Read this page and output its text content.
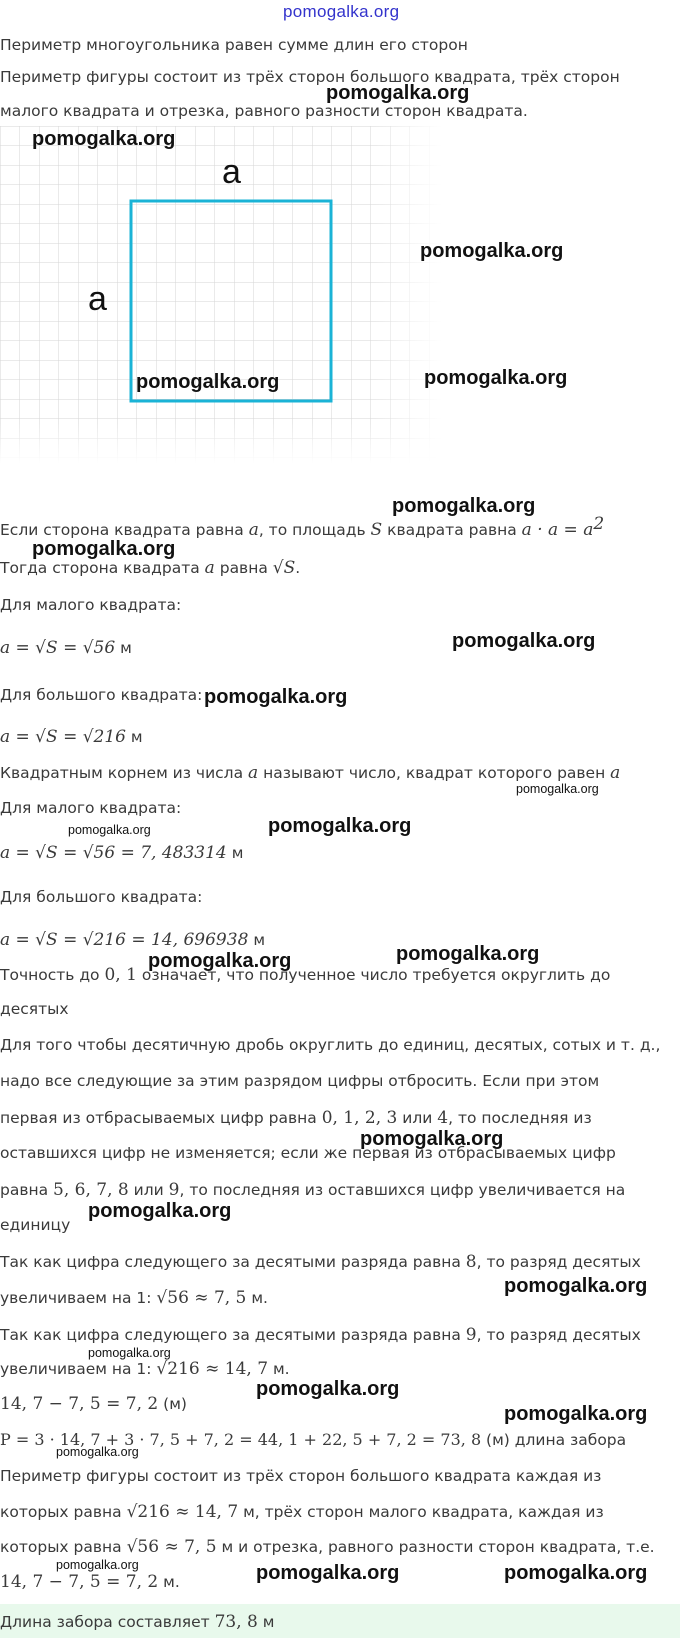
pomogalka.org
Периметр многоугольника равен сумме длин его сторон
Периметр фигуры состоит из трёх сторон большого квадрата, трёх сторон
малого квадрата и отрезка, равного разности сторон квадрата.
a
a
Если сторона квадрата равна a, то площадь S квадрата равна $a \cdot a = a^2$
Тогда сторона квадрата a равна √S.
Для малого квадрата:
a = √S = √56 м
Для большого квадрата:
a = √S = √216 м
Квадратным корнем из числа a называют число, квадрат которого равен a
Для малого квадрата:
a = √S = √56 = 7, 483314 м
Для большого квадрата:
a = √S = √216 = 14, 696938 м
Точность до 0, 1 означает, что полученное число требуется округлить до
десятых
Для того чтобы десятичную дробь округлить до единиц, десятых, сотых и т. д.,
надо все следующие за этим разрядом цифры отбросить. Если при этом
первая из отбрасываемых цифр равна 0, 1, 2, 3 или 4, то последняя из
оставшихся цифр не изменяется; если же первая из отбрасываемых цифр
равна 5, 6, 7, 8 или 9, то последняя из оставшихся цифр увеличивается на
единицу
Так как цифра следующего за десятыми разряда равна 8, то разряд десятых
увеличиваем на 1: √56 ≈ 7, 5 м.
Так как цифра следующего за десятыми разряда равна 9, то разряд десятых
увеличиваем на 1: √216 ≈ 14, 7 м.
14, 7 − 7, 5 = 7, 2 (м)
P = 3 · 14, 7 + 3 · 7, 5 + 7, 2 = 44, 1 + 22, 5 + 7, 2 = 73, 8 (м) длина забора
Периметр фигуры состоит из трёх сторон большого квадрата каждая из
которых равна √216 ≈ 14, 7 м, трёх сторон малого квадрата, каждая из
которых равна √56 ≈ 7, 5 м и отрезка, равного разности сторон квадрата, т.е.
14, 7 − 7, 5 = 7, 2 м.
Длина забора составляет 73, 8 м
pomogalka.org
pomogalka.org
pomogalka.org
pomogalka.org	pomogalka.org
pomogalka.org
pomogalka.org
pomogalka.org
pomogalka.org
pomogalka.org
pomogalka.org
pomogalka.org
pomogalka.org	pomogalka.org
pomogalka.org
pomogalka.org
pomogalka.org
pomogalka.org
pomogalka.org
pomogalka.org
pomogalka.org
pomogalka.org	pomogalka.org	pomogalka.org
